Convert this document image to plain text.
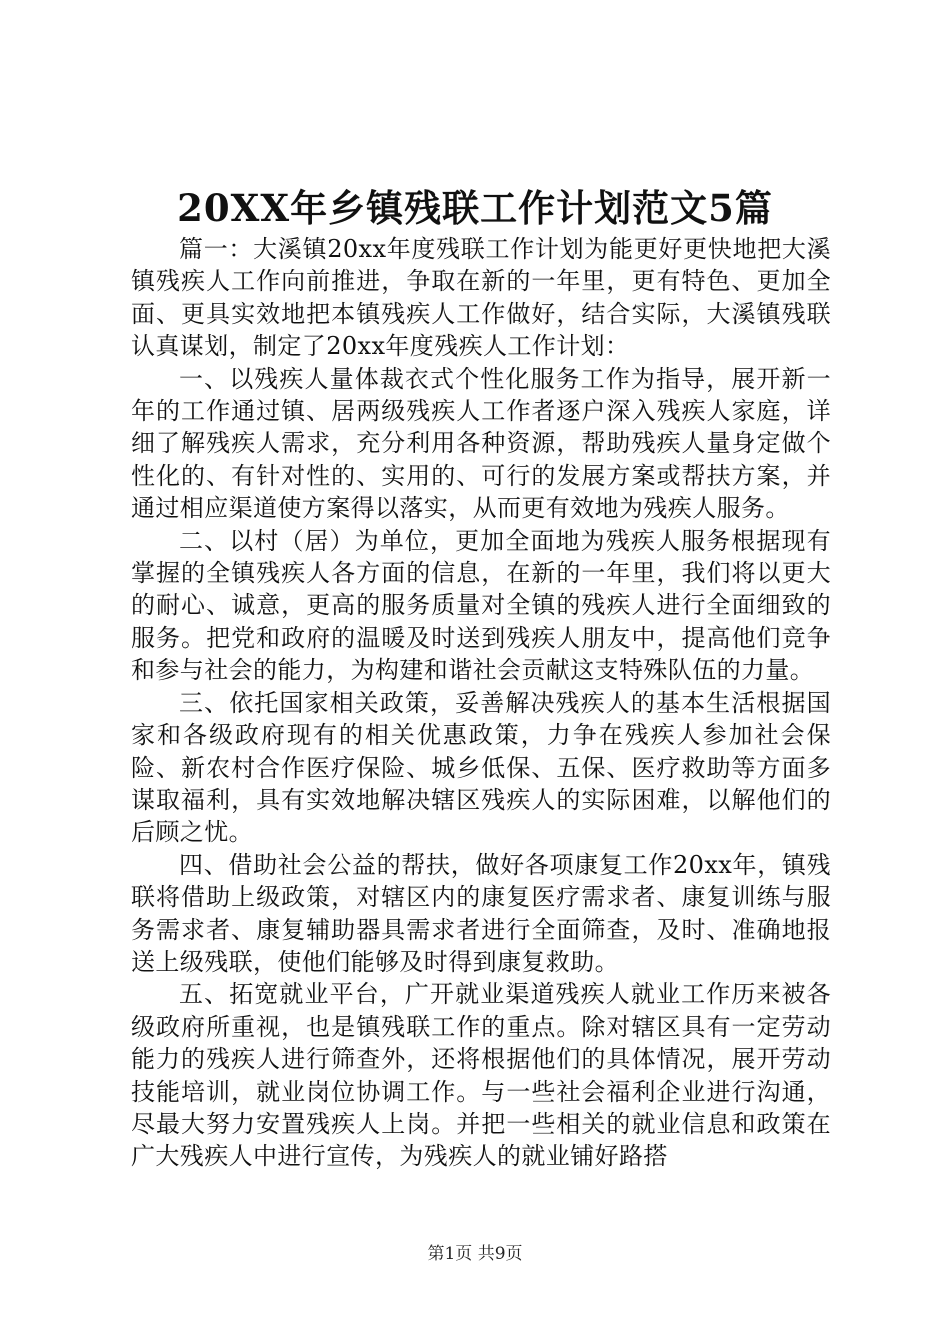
20XX年乡镇残联工作计划范文5篇

篇一：大溪镇20xx年度残联工作计划为能更好更快地把大溪镇残疾人工作向前推进，争取在新的一年里，更有特色、更加全面、更具实效地把本镇残疾人工作做好，结合实际，大溪镇残联认真谋划，制定了20xx年度残疾人工作计划：

一、以残疾人量体裁衣式个性化服务工作为指导，展开新一年的工作通过镇、居两级残疾人工作者逐户深入残疾人家庭，详细了解残疾人需求，充分利用各种资源，帮助残疾人量身定做个性化的、有针对性的、实用的、可行的发展方案或帮扶方案，并通过相应渠道使方案得以落实，从而更有效地为残疾人服务。

二、以村（居）为单位，更加全面地为残疾人服务根据现有掌握的全镇残疾人各方面的信息，在新的一年里，我们将以更大的耐心、诚意，更高的服务质量对全镇的残疾人进行全面细致的服务。把党和政府的温暖及时送到残疾人朋友中，提高他们竞争和参与社会的能力，为构建和谐社会贡献这支特殊队伍的力量。

三、依托国家相关政策，妥善解决残疾人的基本生活根据国家和各级政府现有的相关优惠政策，力争在残疾人参加社会保险、新农村合作医疗保险、城乡低保、五保、医疗救助等方面多谋取福利，具有实效地解决辖区残疾人的实际困难，以解他们的后顾之忧。

四、借助社会公益的帮扶，做好各项康复工作20xx年，镇残联将借助上级政策，对辖区内的康复医疗需求者、康复训练与服务需求者、康复辅助器具需求者进行全面筛查，及时、准确地报送上级残联，使他们能够及时得到康复救助。

五、拓宽就业平台，广开就业渠道残疾人就业工作历来被各级政府所重视，也是镇残联工作的重点。除对辖区具有一定劳动能力的残疾人进行筛查外，还将根据他们的具体情况，展开劳动技能培训，就业岗位协调工作。与一些社会福利企业进行沟通，尽最大努力安置残疾人上岗。并把一些相关的就业信息和政策在广大残疾人中进行宣传，为残疾人的就业铺好路搭

第1页 共9页
